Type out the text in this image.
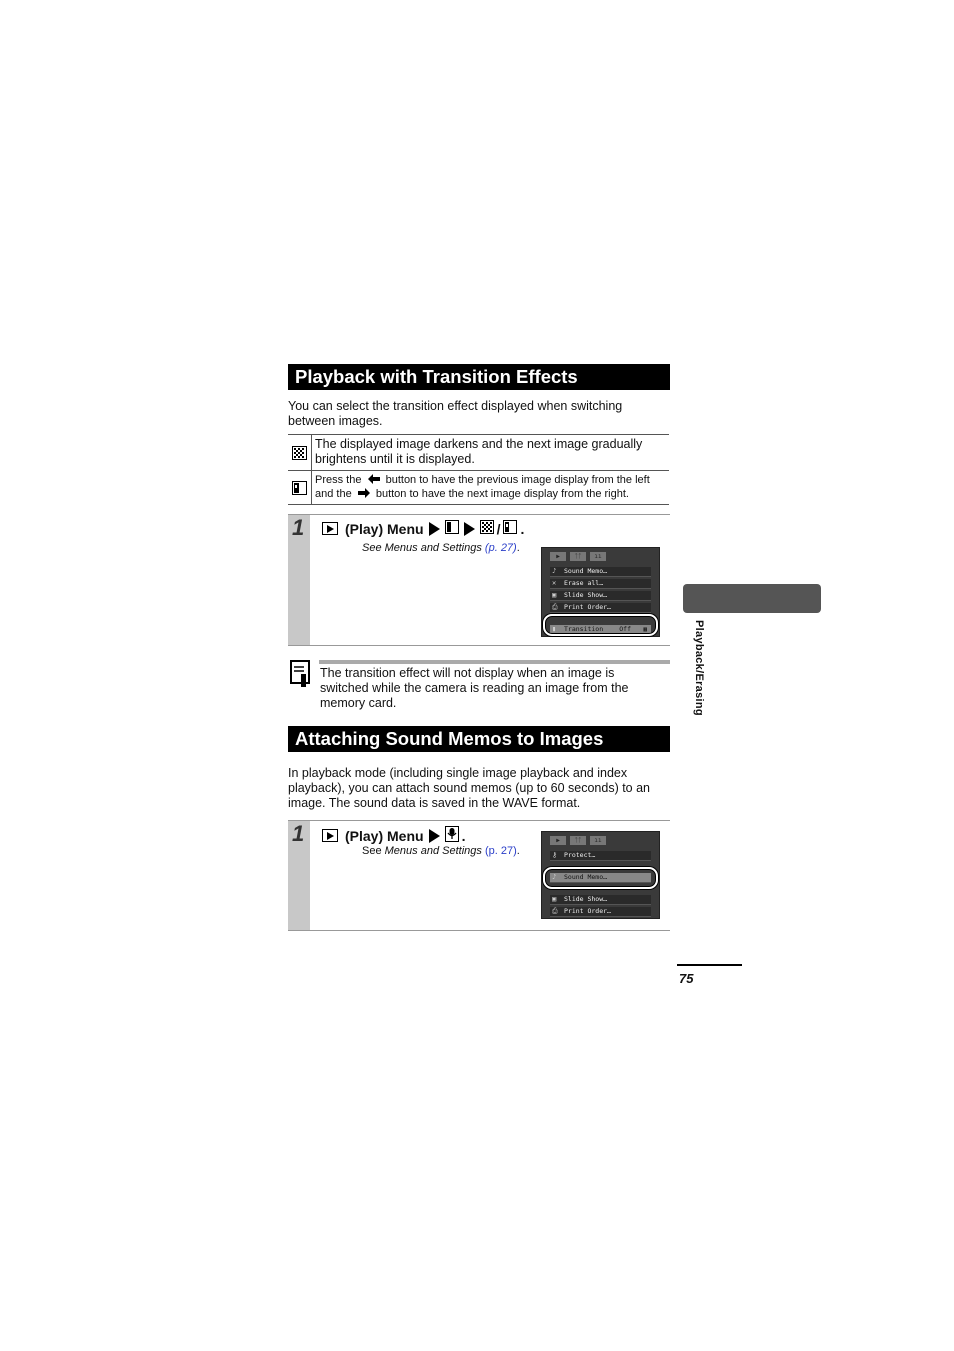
Playback with Transition Effects
You can select the transition effect displayed when switching between images.
The displayed image darkens and the next image gradually brightens until it is displayed.
Press the button to have the previous image display from the left
and the button to have the next image display from the right.
1	(Play) Menu	/ .
See Menus and Settings (p. 27).
▶	ᛏᛏ	ıı
♪ Sound Memo…
✕ Erase all…
▣ Slide Show…
⎙ Print Order…
▮ Transition Off ▦
The transition effect will not display when an image is switched while the camera is reading an image from the memory card.
Attaching Sound Memos to Images
In playback mode (including single image playback and index playback), you can attach sound memos (up to 60 seconds) to an image. The sound data is saved in the WAVE format.
1	(Play) Menu	.
See Menus and Settings (p. 27).
▶	ᛏᛏ	ıı
⚷ Protect…
♪ Sound Memo…
▣ Slide Show…
⎙ Print Order…
Playback/Erasing
75
